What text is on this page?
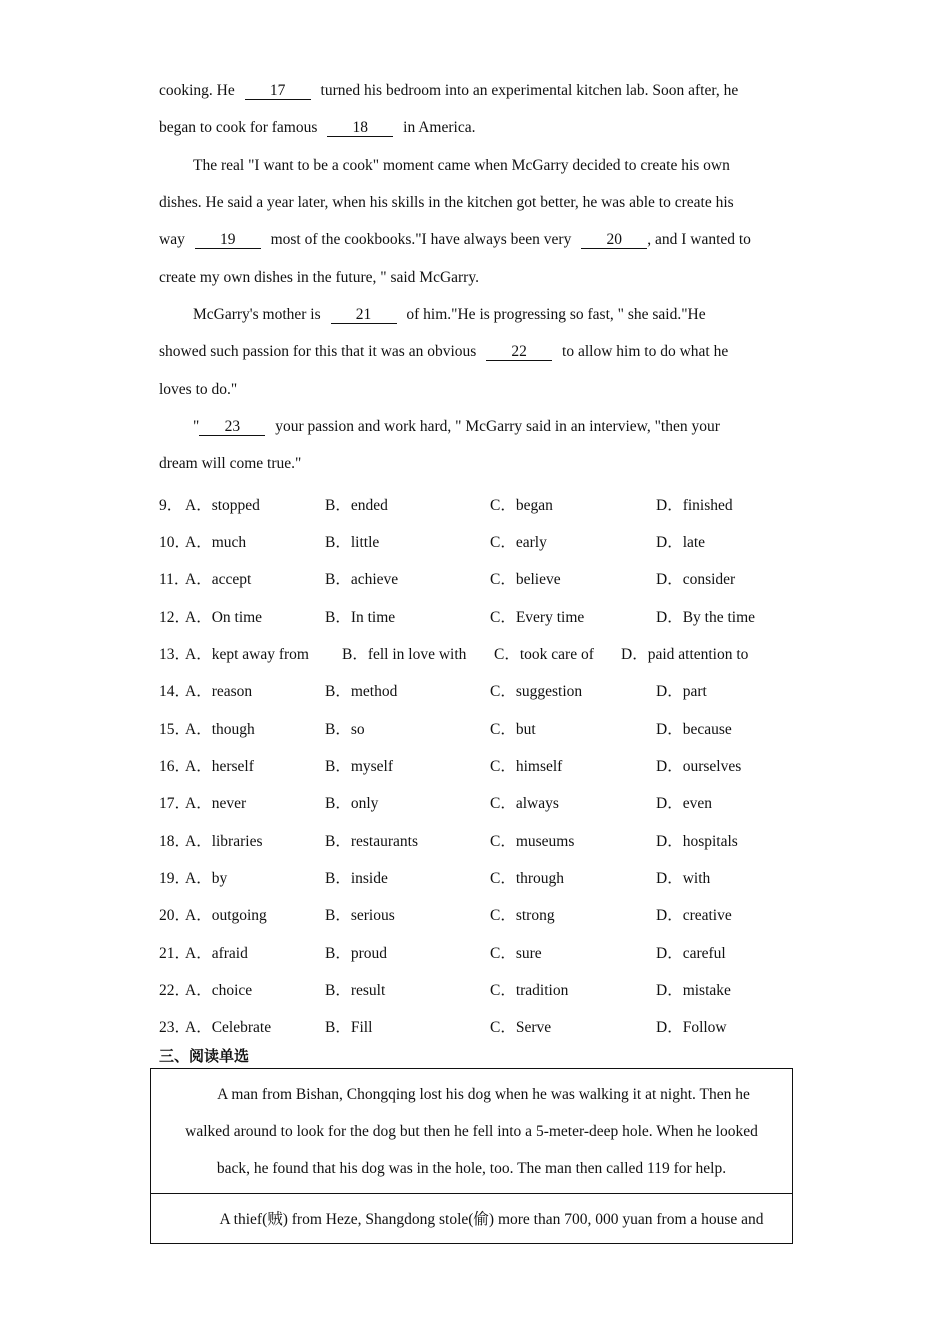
cooking. He 17 turned his bedroom into an experimental kitchen lab. Soon after, he
began to cook for famous 18 in America.
The real "I want to be a cook" moment came when McGarry decided to create his own
dishes. He said a year later, when his skills in the kitchen got better, he was able to create his
way 19 most of the cookbooks."I have always been very 20 , and I wanted to
create my own dishes in the future, " said McGarry.
McGarry's mother is 21 of him."He is progressing so fast, " she said."He
showed such passion for this that it was an obvious 22 to allow him to do what he
loves to do."
" 23 your passion and work hard, " McGarry said in an interview, "then your
dream will come true."
9． A．stopped	B．ended	C．began	D．finished
10．
A．much	B．little	C．early	D．late
11．
A．accept	B．achieve	C．believe	D．consider
12．
A．On time	B．In time	C．Every time	D．By the time
13．
A．kept away from B．fell in love with C．took care of D．paid attention to
14．
A．reason	B．method	C．suggestion	D．part
15．
A．though	B．so	C．but	D．because
16．
A．herself	B．myself	C．himself	D．ourselves
17．
A．never	B．only	C．always	D．even
18．
A．libraries	B．restaurants	C．museums	D．hospitals
19．
A．by	B．inside	C．through	D．with
20．
A．outgoing	B．serious	C．strong	D．creative
21．
A．afraid	B．proud	C．sure	D．careful
22．
A．choice	B．result	C．tradition	D．mistake
23．
A．Celebrate	B．Fill	C．Serve	D．Follow
三、阅读单选

A man from Bishan, Chongqing lost his dog when he was walking it at night. Then he

walked around to look for the dog but then he fell into a 5-meter-deep hole. When he looked

back, he found that his dog was in the hole, too. The man then called 119 for help.

A thief(贼) from Heze, Shangdong stole(偷) more than 700, 000 yuan from a house and
